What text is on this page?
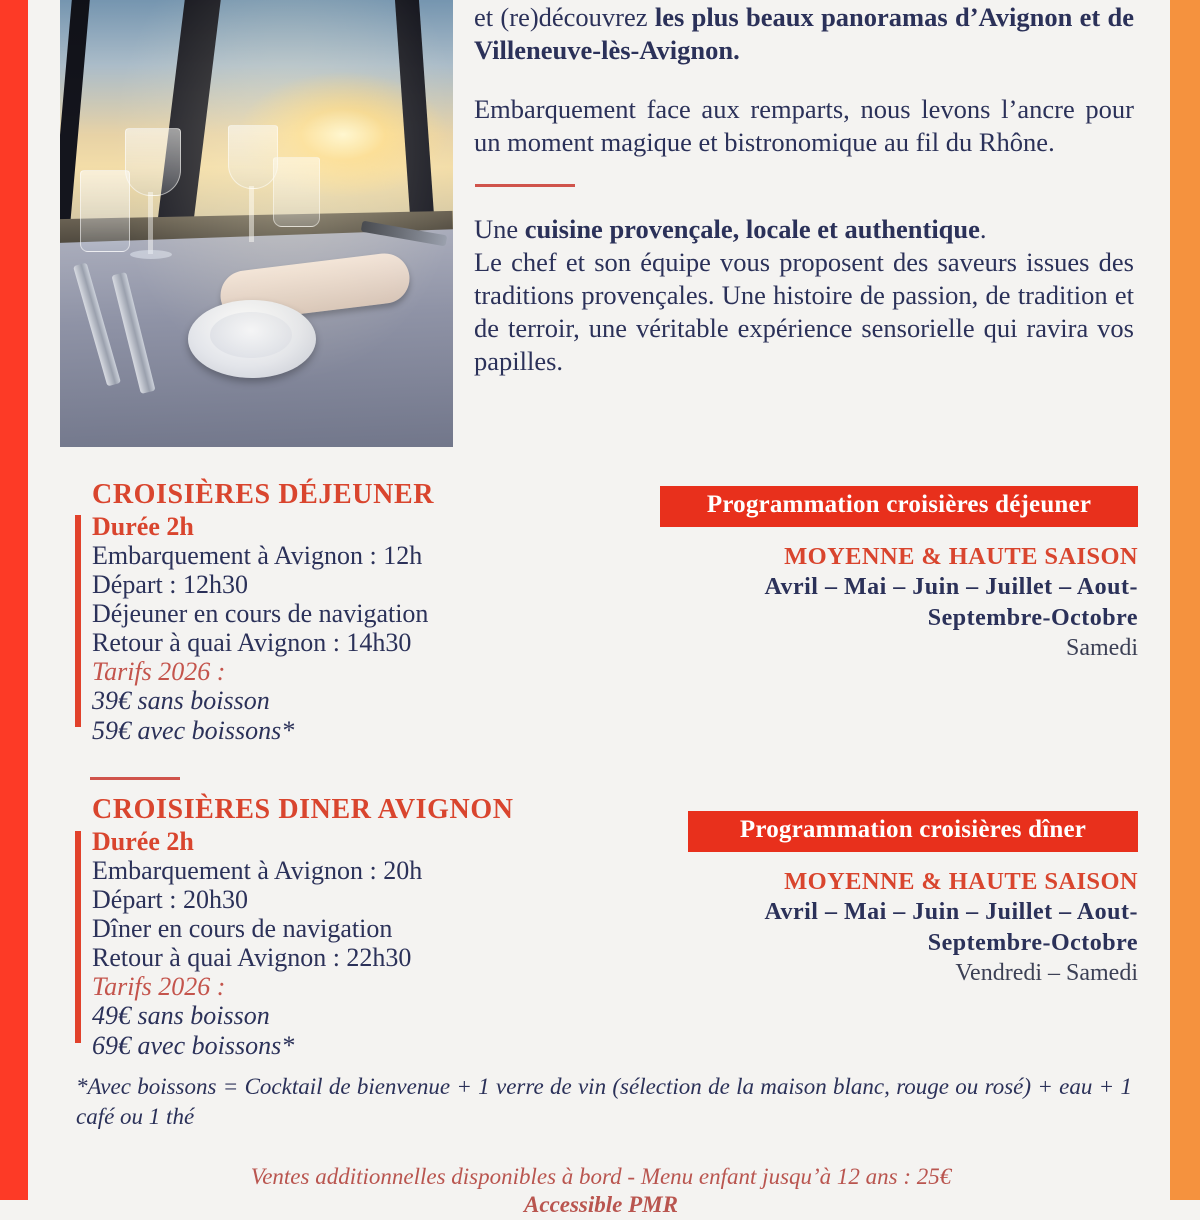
et (re)découvrez les plus beaux panoramas d’Avignon et de Villeneuve-lès-Avignon.

Embarquement face aux remparts, nous levons l’ancre pour un moment magique et bistronomique au fil du Rhône.

Une cuisine provençale, locale et authentique.

Le chef et son équipe vous proposent des saveurs issues des traditions provençales. Une histoire de passion, de tradition et de terroir, une véritable expérience sensorielle qui ravira vos papilles.

CROISIÈRES DÉJEUNER

Durée 2h

Embarquement à Avignon : 12h

Départ : 12h30

Déjeuner en cours de navigation

Retour à quai Avignon : 14h30

Tarifs 2026 :

39€ sans boisson

59€ avec boissons*

Programmation croisières déjeuner

MOYENNE & HAUTE SAISON

Avril – Mai – Juin – Juillet – Aout-

Septembre-Octobre

Samedi

CROISIÈRES DINER AVIGNON

Durée 2h

Embarquement à Avignon : 20h

Départ : 20h30

Dîner en cours de navigation

Retour à quai Avignon : 22h30

Tarifs 2026 :

49€ sans boisson

69€ avec boissons*

Programmation croisières dîner

MOYENNE & HAUTE SAISON

Avril – Mai – Juin – Juillet – Aout-

Septembre-Octobre

Vendredi – Samedi

*Avec boissons = Cocktail de bienvenue + 1 verre de vin (sélection de la maison blanc, rouge ou rosé) + eau + 1 café ou 1 thé

Ventes additionnelles disponibles à bord - Menu enfant jusqu’à 12 ans : 25€

Accessible PMR
